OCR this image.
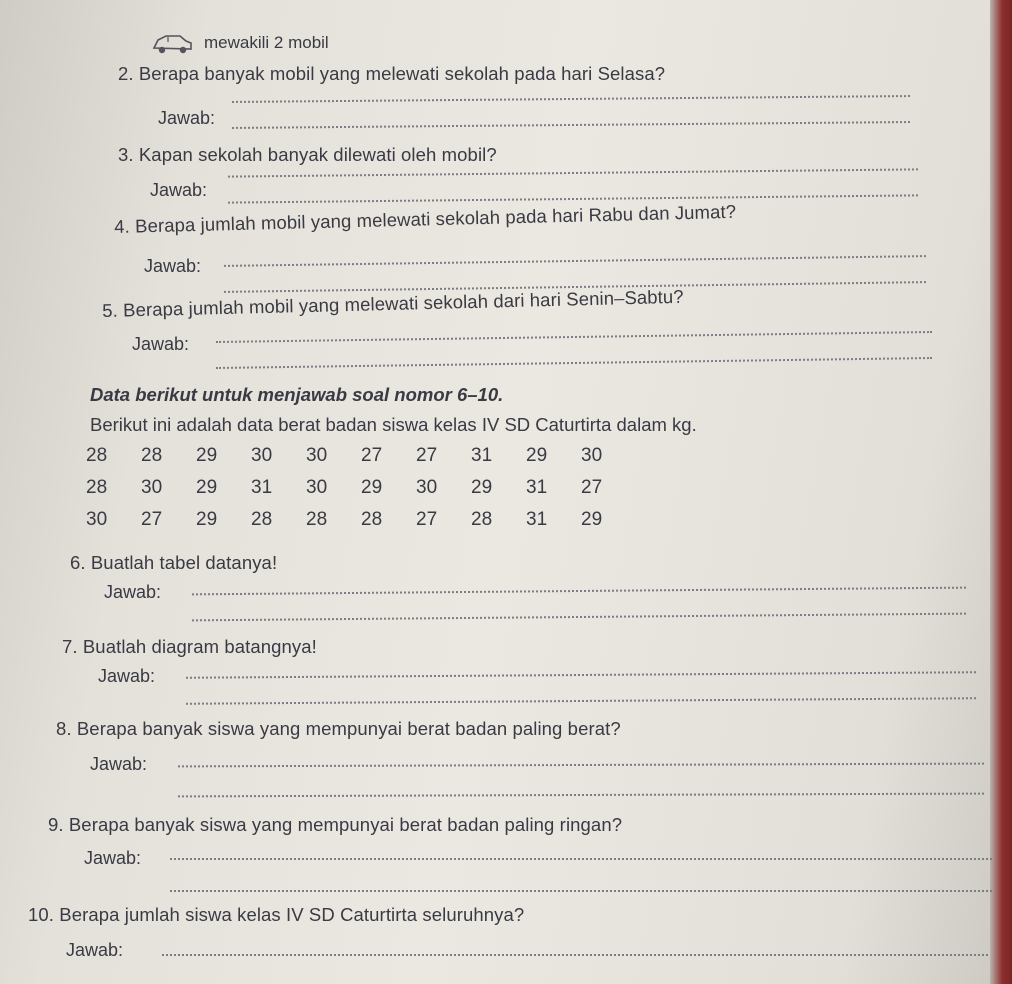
mewakili 2 mobil
2. Berapa banyak mobil yang melewati sekolah pada hari Selasa?
Jawab:
3. Kapan sekolah banyak dilewati oleh mobil?
Jawab:
4. Berapa jumlah mobil yang melewati sekolah pada hari Rabu dan Jumat?
Jawab:
5. Berapa jumlah mobil yang melewati sekolah dari hari Senin–Sabtu?
Jawab:
Data berikut untuk menjawab soal nomor 6–10.
Berikut ini adalah data berat badan siswa kelas IV SD Caturtirta dalam kg.
28	28	29	30	30	27	27	31	29	30
28	30	29	31	30	29	30	29	31	27
30	27	29	28	28	28	27	28	31	29
6. Buatlah tabel datanya!
Jawab:
7. Buatlah diagram batangnya!
Jawab:
8. Berapa banyak siswa yang mempunyai berat badan paling berat?
Jawab:
9. Berapa banyak siswa yang mempunyai berat badan paling ringan?
Jawab:
10. Berapa jumlah siswa kelas IV SD Caturtirta seluruhnya?
Jawab:
